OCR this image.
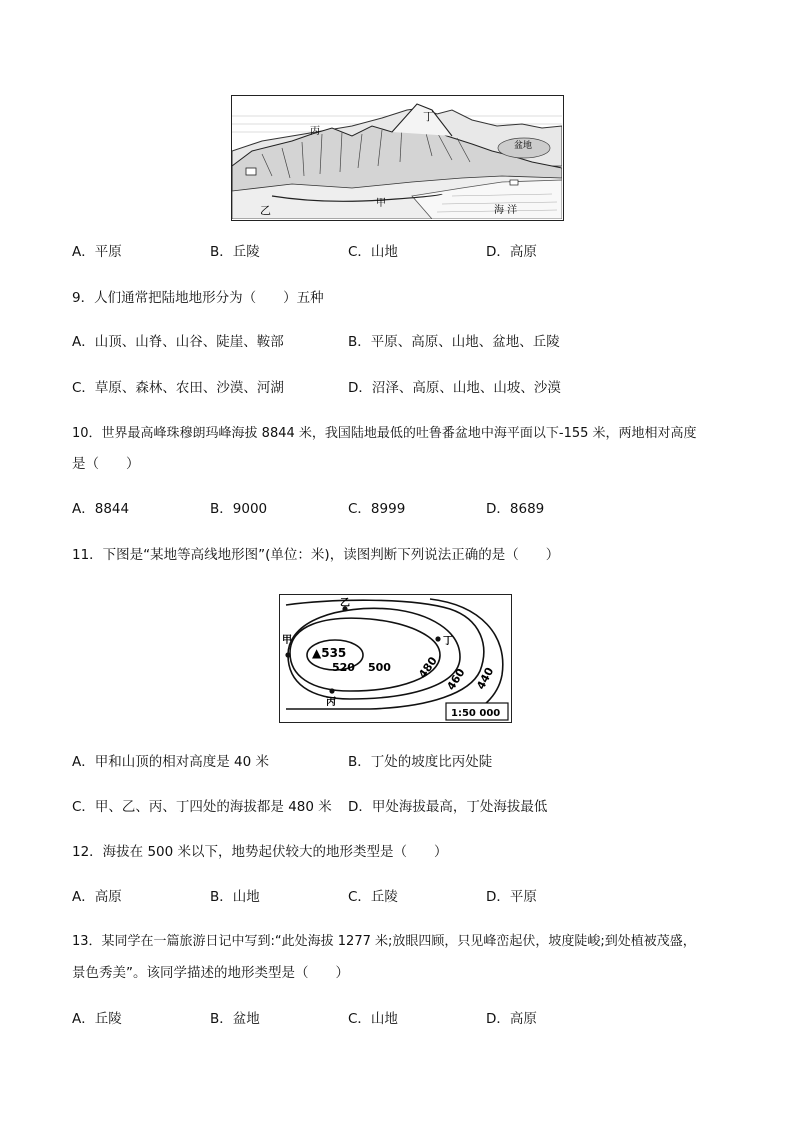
丙
丁
盆地
乙
甲
海 洋
A．平原	B．丘陵	C．山地	D．高原
9．人们通常把陆地地形分为（　　）五种
A．山顶、山脊、山谷、陡崖、鞍部	B．平原、高原、山地、盆地、丘陵
C．草原、森林、农田、沙漠、河湖	D．沼泽、高原、山地、山坡、沙漠
10．世界最高峰珠穆朗玛峰海拔 8844 米，我国陆地最低的吐鲁番盆地中海平面以下-155 米，两地相对高度
是（　　）
A．8844	B．9000	C．8999	D．8689
11．下图是“某地等高线地形图”(单位：米)，读图判断下列说法正确的是（　　）
▲535
520 500 480 460 440
乙
甲	丁
丙
1:50 000
A．甲和山顶的相对高度是 40 米	B．丁处的坡度比丙处陡
C．甲、乙、丙、丁四处的海拔都是 480 米 D．甲处海拔最高，丁处海拔最低
12．海拔在 500 米以下，地势起伏较大的地形类型是（　　）
A．高原	B．山地	C．丘陵	D．平原
13．某同学在一篇旅游日记中写到:“此处海拔 1277 米;放眼四顾，只见峰峦起伏，坡度陡峻;到处植被茂盛，
景色秀美”。该同学描述的地形类型是（　　）
A．丘陵	B．盆地	C．山地	D．高原
